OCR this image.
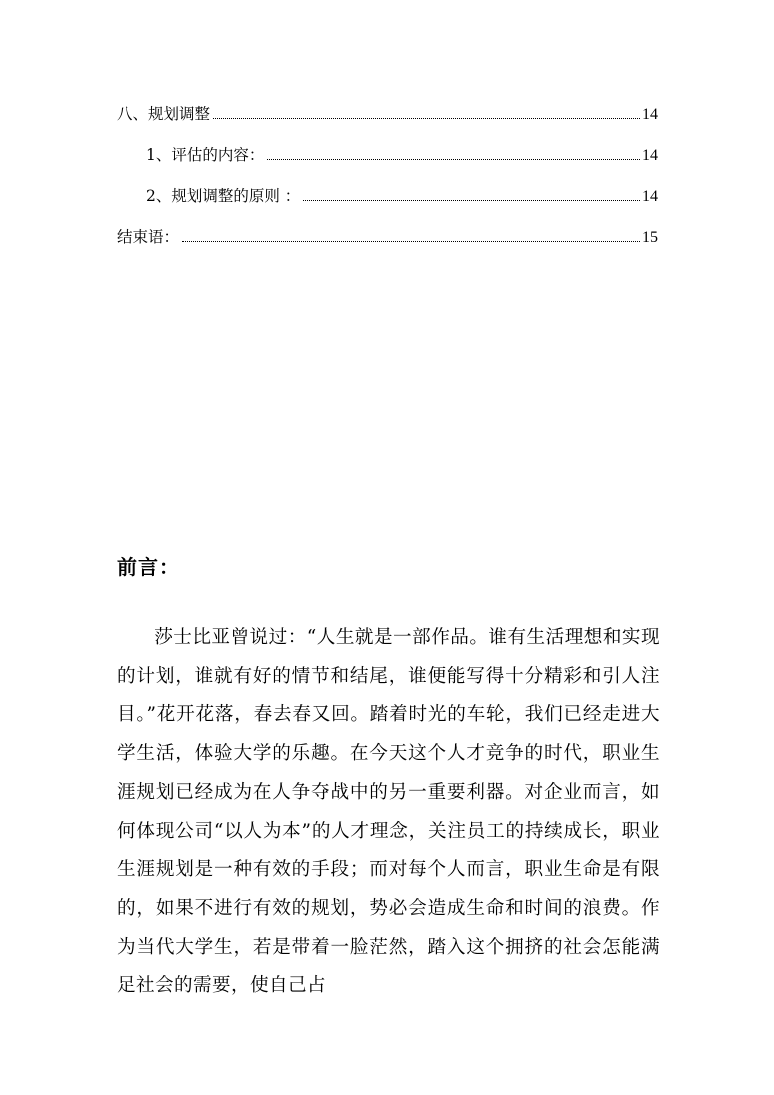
八、规划调整	14
1、评估的内容：	14
2、规划调整的原则 ：	14
结束语：	15
前言：

莎士比亚曾说过：“人生就是一部作品。谁有生活理想和实现的计划，谁就有好的情节和结尾，谁便能写得十分精彩和引人注目。”花开花落，春去春又回。踏着时光的车轮，我们已经走进大学生活，体验大学的乐趣。在今天这个人才竞争的时代，职业生涯规划已经成为在人争夺战中的另一重要利器。对企业而言，如何体现公司“以人为本”的人才理念，关注员工的持续成长，职业生涯规划是一种有效的手段；而对每个人而言，职业生命是有限的，如果不进行有效的规划，势必会造成生命和时间的浪费。作为当代大学生，若是带着一脸茫然，踏入这个拥挤的社会怎能满足社会的需要，使自己占
